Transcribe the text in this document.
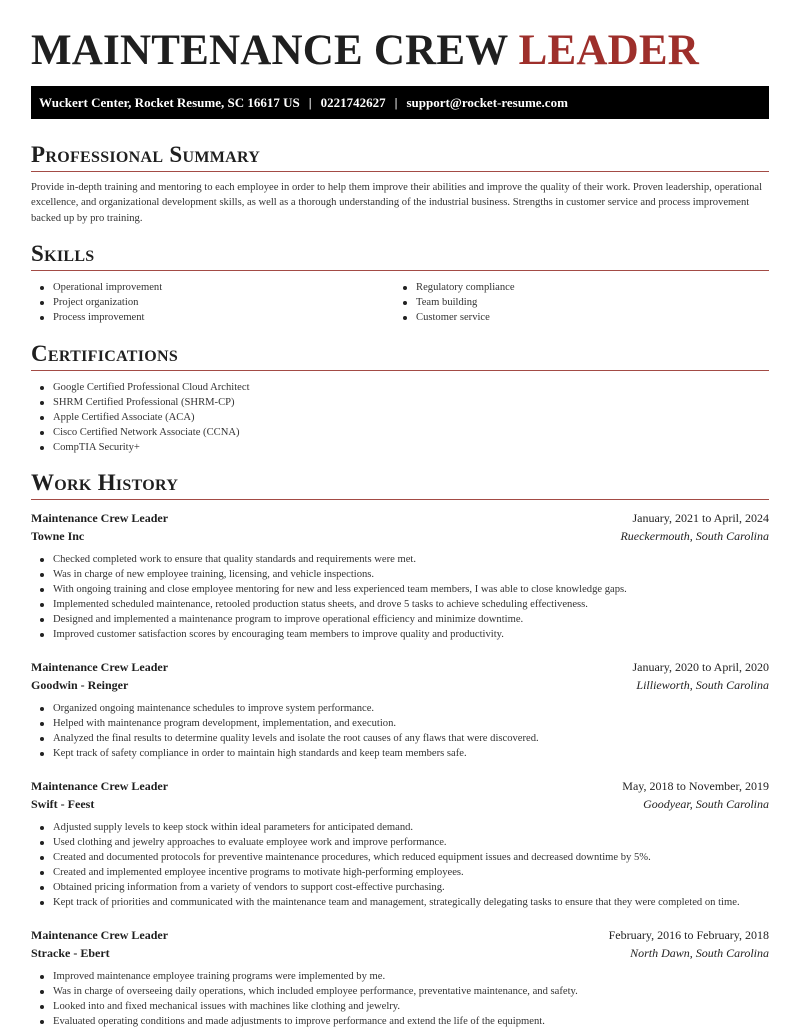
MAINTENANCE CREW LEADER
Wuckert Center, Rocket Resume, SC 16617 US | 0221742627 | support@rocket-resume.com
Professional Summary

Provide in-depth training and mentoring to each employee in order to help them improve their abilities and improve the quality of their work. Proven leadership, operational excellence, and organizational development skills, as well as a thorough understanding of the industrial business. Strengths in customer service and process improvement backed up by pro training.

Skills
Operational improvement
Project organization
Process improvement
Regulatory compliance
Team building
Customer service
Certifications
Google Certified Professional Cloud Architect
SHRM Certified Professional (SHRM-CP)
Apple Certified Associate (ACA)
Cisco Certified Network Associate (CCNA)
CompTIA Security+
Work History
Maintenance Crew Leader	January, 2021 to April, 2024
Towne Inc	Rueckermouth, South Carolina
Checked completed work to ensure that quality standards and requirements were met.
Was in charge of new employee training, licensing, and vehicle inspections.
With ongoing training and close employee mentoring for new and less experienced team members, I was able to close knowledge gaps.
Implemented scheduled maintenance, retooled production status sheets, and drove 5 tasks to achieve scheduling effectiveness.
Designed and implemented a maintenance program to improve operational efficiency and minimize downtime.
Improved customer satisfaction scores by encouraging team members to improve quality and productivity.
Maintenance Crew Leader	January, 2020 to April, 2020
Goodwin - Reinger	Lillieworth, South Carolina
Organized ongoing maintenance schedules to improve system performance.
Helped with maintenance program development, implementation, and execution.
Analyzed the final results to determine quality levels and isolate the root causes of any flaws that were discovered.
Kept track of safety compliance in order to maintain high standards and keep team members safe.
Maintenance Crew Leader	May, 2018 to November, 2019
Swift - Feest	Goodyear, South Carolina
Adjusted supply levels to keep stock within ideal parameters for anticipated demand.
Used clothing and jewelry approaches to evaluate employee work and improve performance.
Created and documented protocols for preventive maintenance procedures, which reduced equipment issues and decreased downtime by 5%.
Created and implemented employee incentive programs to motivate high-performing employees.
Obtained pricing information from a variety of vendors to support cost-effective purchasing.
Kept track of priorities and communicated with the maintenance team and management, strategically delegating tasks to ensure that they were completed on time.
Maintenance Crew Leader	February, 2016 to February, 2018
Stracke - Ebert	North Dawn, South Carolina
Improved maintenance employee training programs were implemented by me.
Was in charge of overseeing daily operations, which included employee performance, preventative maintenance, and safety.
Looked into and fixed mechanical issues with machines like clothing and jewelry.
Evaluated operating conditions and made adjustments to improve performance and extend the life of the equipment.
